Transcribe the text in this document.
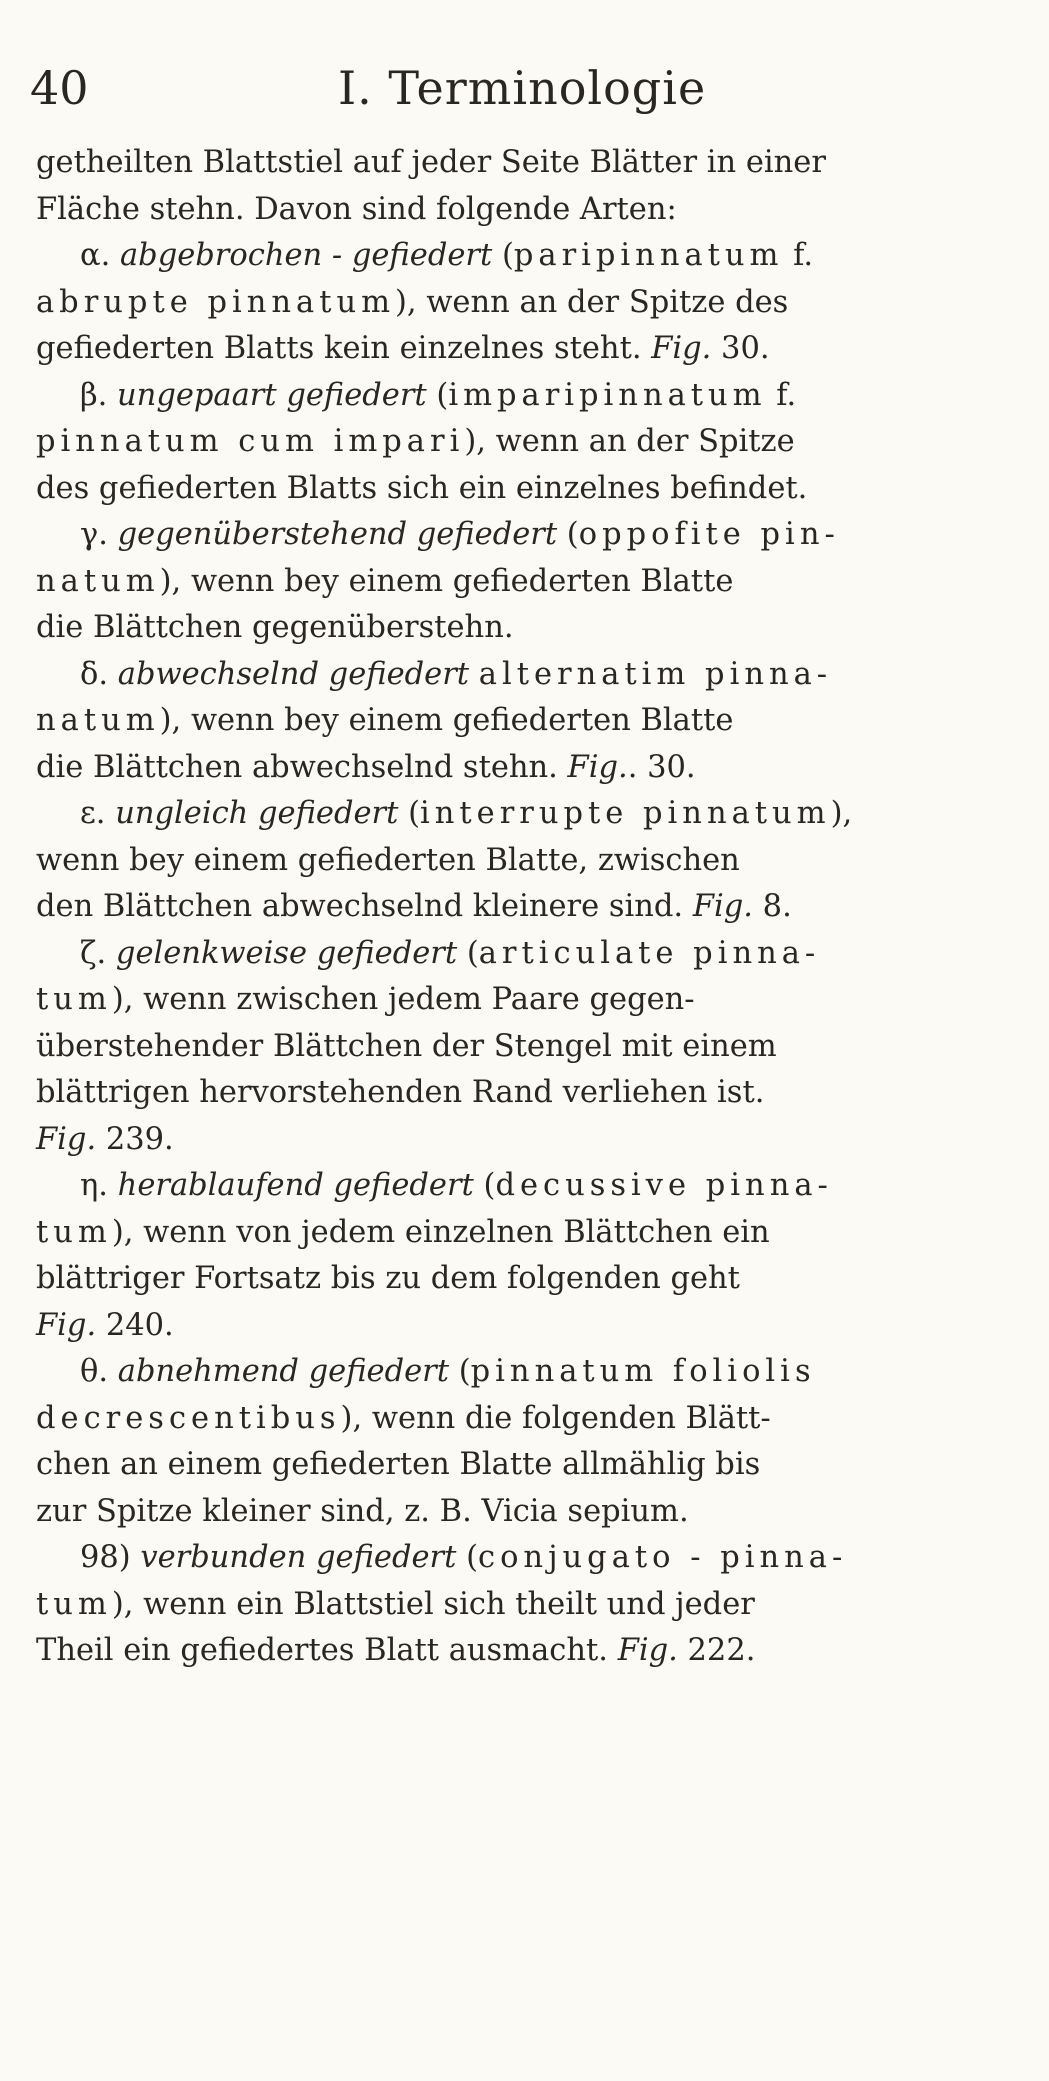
40	I. Terminologie
getheilten Blattstiel auf jeder Seite Blätter in einer
Fläche stehn. Davon sind folgende Arten:
α. abgebrochen - gefiedert (paripinnatum f.
abrupte pinnatum), wenn an der Spitze des
gefiederten Blatts kein einzelnes steht. Fig. 30.
β. ungepaart gefiedert (imparipinnatum f.
pinnatum cum impari), wenn an der Spitze
des gefiederten Blatts sich ein einzelnes befindet.
γ. gegenüberstehend gefiedert (oppofite pin-
natum), wenn bey einem gefiederten Blatte
die Blättchen gegenüberstehn.
δ. abwechselnd gefiedert alternatim pinna-
natum), wenn bey einem gefiederten Blatte
die Blättchen abwechselnd stehn. Fig.. 30.
ε. ungleich gefiedert (interrupte pinnatum),
wenn bey einem gefiederten Blatte, zwischen
den Blättchen abwechselnd kleinere sind. Fig. 8.
ζ. gelenkweise gefiedert (articulate pinna-
tum), wenn zwischen jedem Paare gegen-
überstehender Blättchen der Stengel mit einem
blättrigen hervorstehenden Rand verliehen ist.
Fig. 239.
η. herablaufend gefiedert (decussive pinna-
tum), wenn von jedem einzelnen Blättchen ein
blättriger Fortsatz bis zu dem folgenden geht
Fig. 240.
θ. abnehmend gefiedert (pinnatum foliolis
decrescentibus), wenn die folgenden Blätt-
chen an einem gefiederten Blatte allmählig bis
zur Spitze kleiner sind, z. B. Vicia sepium.
98) verbunden gefiedert (conjugato - pinna-
tum), wenn ein Blattstiel sich theilt und jeder
Theil ein gefiedertes Blatt ausmacht. Fig. 222.
